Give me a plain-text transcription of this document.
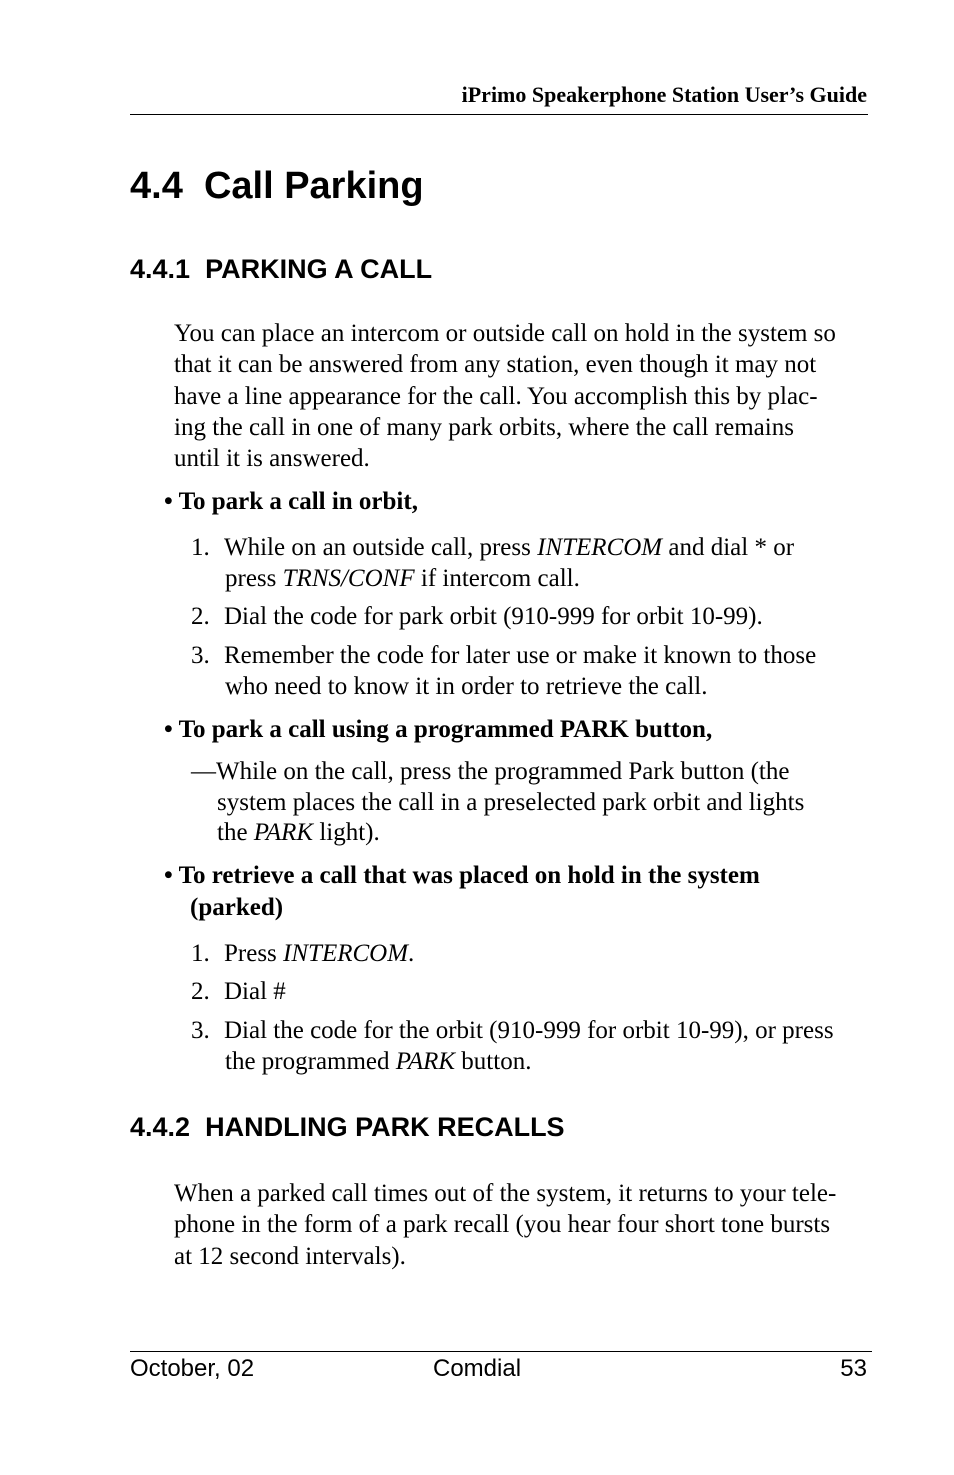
iPrimo Speakerphone Station User’s Guide
4.4 Call Parking
4.4.1 PARKING A CALL

You can place an intercom or outside call on hold in the system so
that it can be answered from any station, even though it may not
have a line appearance for the call. You accomplish this by plac-
ing the call in one of many park orbits, where the call remains
until it is answered.

• To park a call in orbit,
1. While on an outside call, press INTERCOM and dial * or
press TRNS/CONF if intercom call.
2. Dial the code for park orbit (910-999 for orbit 10-99).
3. Remember the code for later use or make it known to those
who need to know it in order to retrieve the call.
• To park a call using a programmed PARK button,
—While on the call, press the programmed Park button (the
system places the call in a preselected park orbit and lights
the PARK light).
• To retrieve a call that was placed on hold in the system
(parked)
1. Press INTERCOM.
2. Dial #
3. Dial the code for the orbit (910-999 for orbit 10-99), or press
the programmed PARK button.
4.4.2 HANDLING PARK RECALLS

When a parked call times out of the system, it returns to your tele-
phone in the form of a park recall (you hear four short tone bursts
at 12 second intervals).

October, 02	Comdial	53
